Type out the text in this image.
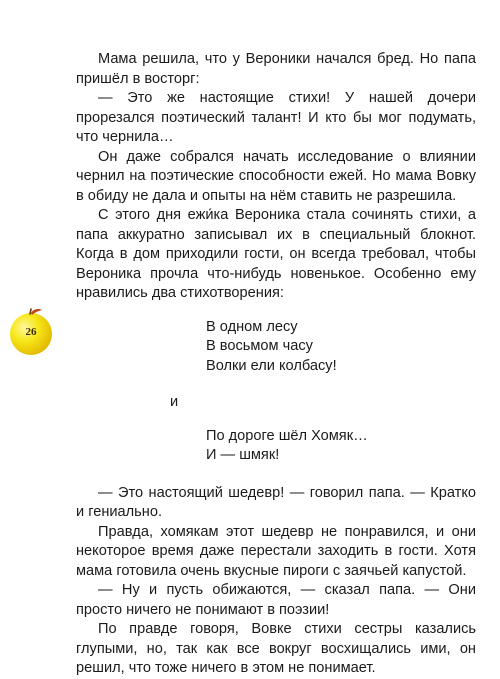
Мама решила, что у Вероники начался бред. Но папа пришёл в восторг:

— Это же настоящие стихи! У нашей дочери прорезался поэтический талант! И кто бы мог подумать, что чернила…

Он даже собрался начать исследование о влиянии чернил на поэтические способности ежей. Но мама Вовку в обиду не дала и опыты на нём ставить не разрешила.

С этого дня ежи́ка Вероника стала сочинять стихи, а папа аккуратно записывал их в специальный блокнот. Когда в дом приходили гости, он всегда требовал, чтобы Вероника прочла что-нибудь новенькое. Особенно ему нравились два стихотворения:

В одном лесу
В восьмом часу
Волки ели колбасу!
и
По дороге шёл Хомяк…
И — шмяк!

— Это настоящий шедевр! — говорил папа. — Кратко и гениально.

Правда, хомякам этот шедевр не понравился, и они некоторое время даже перестали заходить в гости. Хотя мама готовила очень вкусные пироги с заячьей капустой.

— Ну и пусть обижаются, — сказал папа. — Они просто ничего не понимают в поэзии!

По правде говоря, Вовке стихи сестры казались глупыми, но, так как все вокруг восхищались ими, он решил, что тоже ничего в этом не понимает.

26
